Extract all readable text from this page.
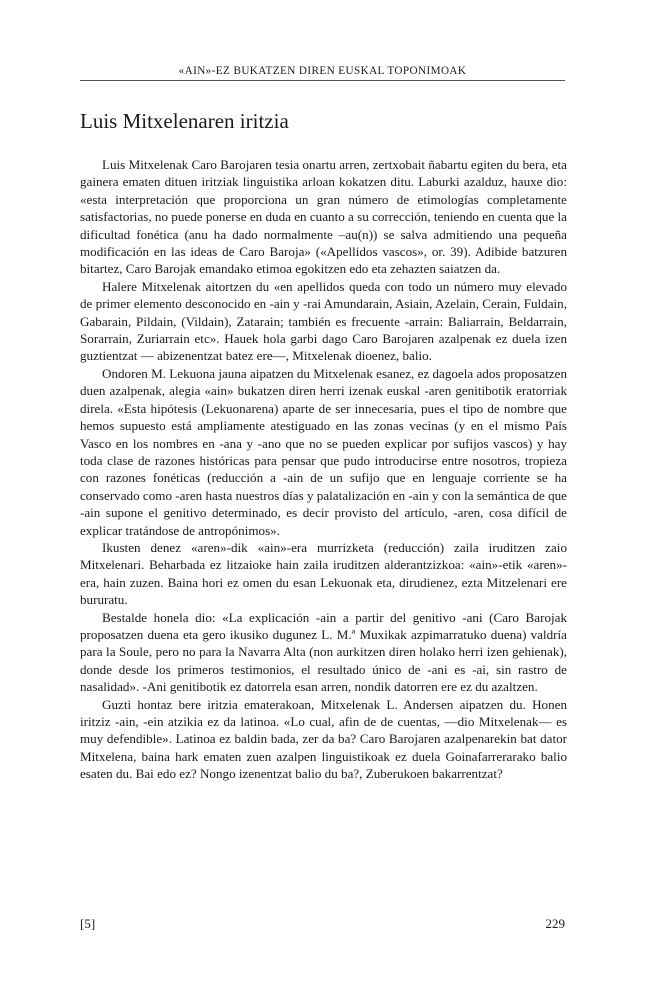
«AIN»-EZ BUKATZEN DIREN EUSKAL TOPONIMOAK
Luis Mitxelenaren iritzia

Luis Mitxelenak Caro Barojaren tesia onartu arren, zertxobait ñabartu egiten du bera, eta gainera ematen dituen iritziak linguistika arloan kokatzen ditu. Laburki azalduz, hauxe dio: «esta interpretación que proporciona un gran número de etimologías completamente satisfactorias, no puede ponerse en duda en cuanto a su corrección, teniendo en cuenta que la dificultad fonética (anu ha dado normalmente –au(n)) se salva admitiendo una pequeña modificación en las ideas de Caro Baroja» («Apellidos vascos», or. 39). Adibide batzuren bitartez, Caro Barojak emandako etimoa egokitzen edo eta zehazten saiatzen da.

Halere Mitxelenak aitortzen du «en apellidos queda con todo un número muy elevado de primer elemento desconocido en -ain y -rai Amundarain, Asiain, Azelain, Cerain, Fuldain, Gabarain, Pildain, (Vildain), Zatarain; también es frecuente -arrain: Baliarrain, Beldarrain, Sorarrain, Zuriarrain etc». Hauek hola garbi dago Caro Barojaren azalpenak ez duela izen guztientzat — abizenentzat batez ere—, Mitxelenak dioenez, balio.

Ondoren M. Lekuona jauna aipatzen du Mitxelenak esanez, ez dagoela ados proposatzen duen azalpenak, alegia «ain» bukatzen diren herri izenak euskal -aren genitibotik eratorriak direla. «Esta hipótesis (Lekuonarena) aparte de ser innecesaria, pues el tipo de nombre que hemos supuesto está ampliamente atestiguado en las zonas vecinas (y en el mismo País Vasco en los nombres en -ana y -ano que no se pueden explicar por sufijos vascos) y hay toda clase de razones históricas para pensar que pudo introducirse entre nosotros, tropieza con razones fonéticas (reducción a -ain de un sufijo que en lenguaje corriente se ha conservado como -aren hasta nuestros días y palatalización en -ain y con la semántica de que -ain supone el genitivo determinado, es decir provisto del artículo, -aren, cosa difícil de explicar tratándose de antropónimos».

Ikusten denez «aren»-dik «ain»-era murrizketa (reducción) zaila iruditzen zaio Mitxelenari. Beharbada ez litzaioke hain zaila iruditzen alderantzizkoa: «ain»-etik «aren»-era, hain zuzen. Baina hori ez omen du esan Lekuonak eta, dirudienez, ezta Mitzelenari ere bururatu.

Bestalde honela dio: «La explicación -ain a partir del genitivo -ani (Caro Barojak proposatzen duena eta gero ikusiko dugunez L. M.ª Muxikak azpimarratuko duena) valdría para la Soule, pero no para la Navarra Alta (non aurkitzen diren holako herri izen gehienak), donde desde los primeros testimonios, el resultado único de -ani es -ai, sin rastro de nasalidad». -Ani genitibotik ez datorrela esan arren, nondik datorren ere ez du azaltzen.

Guzti hontaz bere iritzia ematerakoan, Mitxelenak L. Andersen aipatzen du. Honen iritziz -ain, -ein atzikia ez da latinoa. «Lo cual, afin de de cuentas, —dio Mitxelenak— es muy defendible». Latinoa ez baldin bada, zer da ba? Caro Barojaren azalpenarekin bat dator Mitxelena, baina hark ematen zuen azalpen linguistikoak ez duela Goinafarrerarako balio esaten du. Bai edo ez? Nongo izenentzat balio du ba?, Zuberukoen bakarrentzat?

[5]	229
